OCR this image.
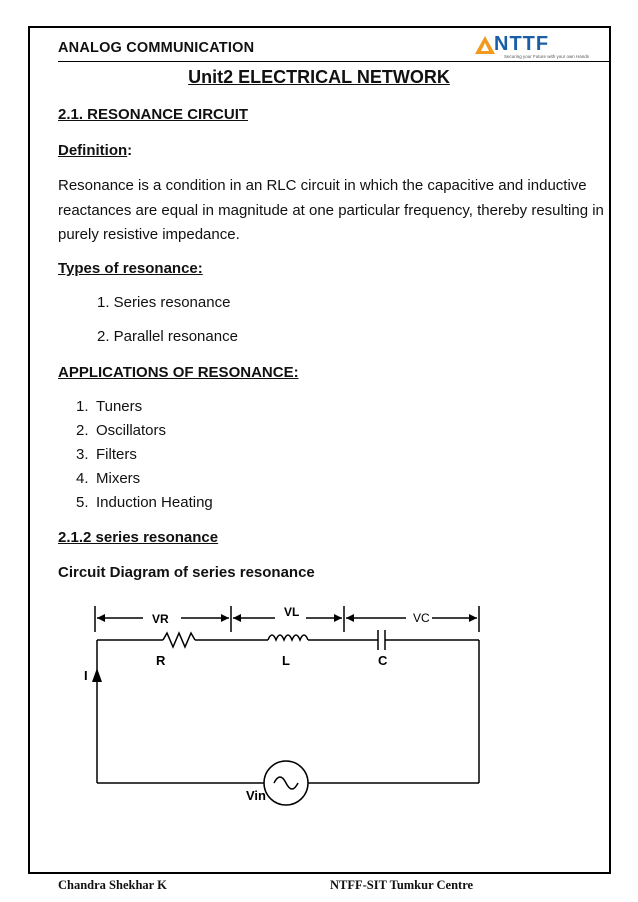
ANALOG COMMUNICATION	NTTF
Securing your Future with your own Hands
Unit2 ELECTRICAL NETWORK
2.1. RESONANCE CIRCUIT
Definition:
Resonance is a condition in an RLC circuit in which the capacitive and inductive reactances are equal in magnitude at one particular frequency, thereby resulting in purely resistive impedance.
Types of resonance:
1. Series resonance
2. Parallel resonance
APPLICATIONS OF RESONANCE:
1. Tuners
2. Oscillators
3. Filters
4. Mixers
5. Induction Heating
2.1.2 series resonance
Circuit Diagram of series resonance
VR	VL	VC
R	L	C
I
Vin
Chandra Shekhar K	NTFF-SIT Tumkur Centre
